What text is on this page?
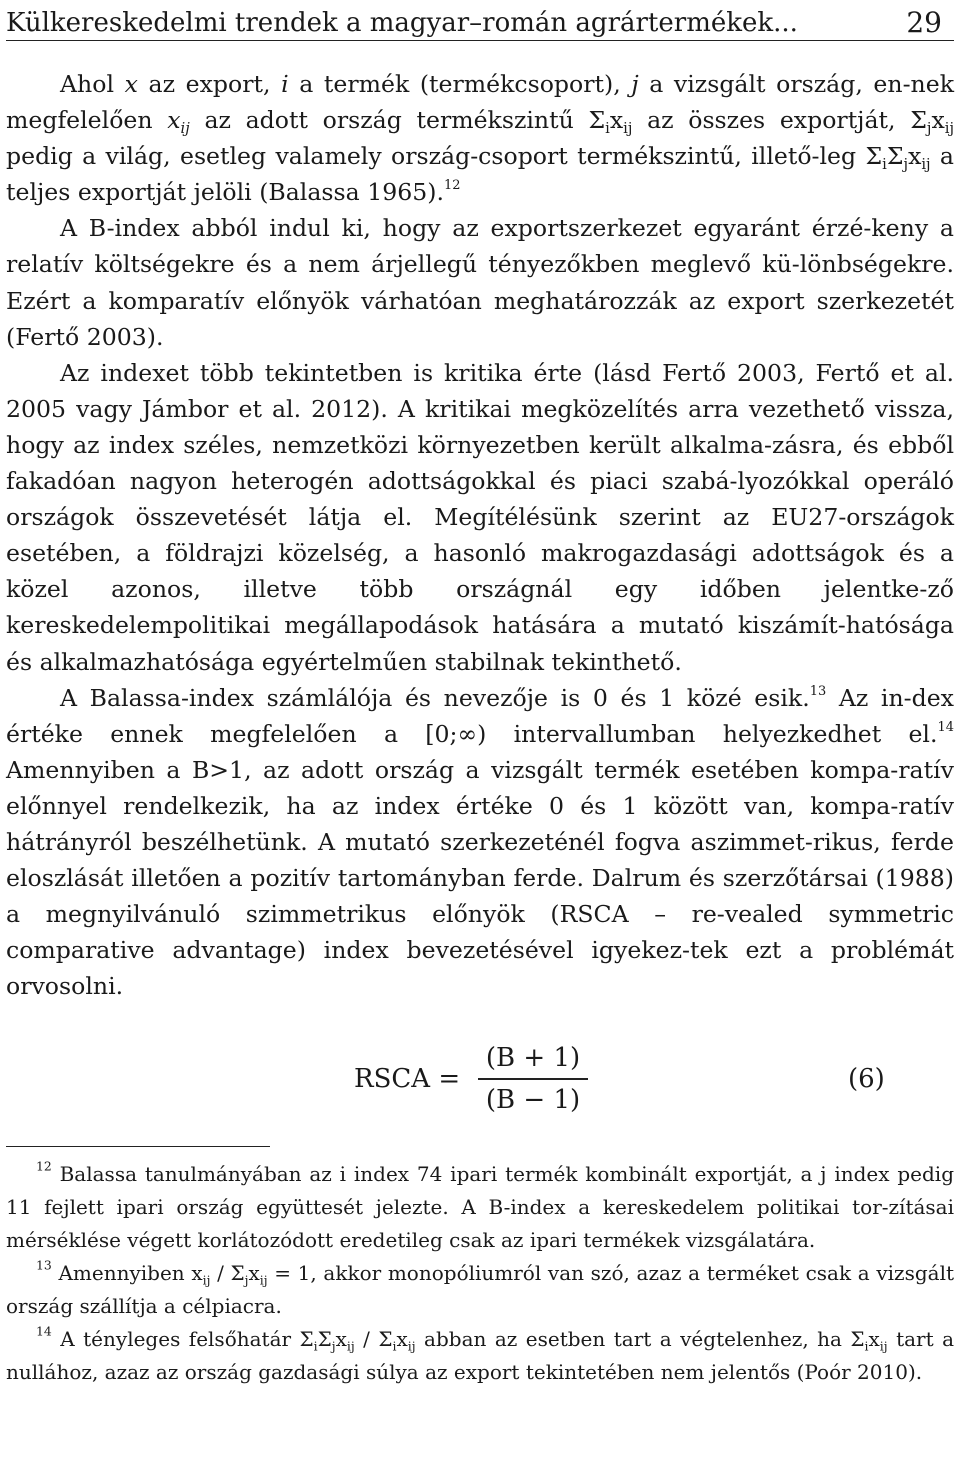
Külkereskedelmi trendek a magyar–román agrártermékek...	29

Ahol x az export, i a termék (termékcsoport), j a vizsgált ország, en-nek megfelelően $x_{ij}$ az adott ország termékszintű $\Sigma_ix_{ij}$ az összes exportját, $\Sigma_jx_{ij}$ pedig a világ, esetleg valamely ország-csoport termékszintű, illető-leg $\Sigma_i\Sigma_jx_{ij}$ a teljes exportját jelöli (Balassa 1965).$^{12}$

A B-index abból indul ki, hogy az exportszerkezet egyaránt érzé-keny a relatív költségekre és a nem árjellegű tényezőkben meglevő kü-lönbségekre. Ezért a komparatív előnyök várhatóan meghatározzák az export szerkezetét (Fertő 2003).

Az indexet több tekintetben is kritika érte (lásd Fertő 2003, Fertő et al. 2005 vagy Jámbor et al. 2012). A kritikai megközelítés arra vezethető vissza, hogy az index széles, nemzetközi környezetben került alkalma-zásra, és ebből fakadóan nagyon heterogén adottságokkal és piaci szabá-lyozókkal operáló országok összevetését látja el. Megítélésünk szerint az EU27-országok esetében, a földrajzi közelség, a hasonló makrogazdasági adottságok és a közel azonos, illetve több országnál egy időben jelentke-ző kereskedelempolitikai megállapodások hatására a mutató kiszámít-hatósága és alkalmazhatósága egyértelműen stabilnak tekinthető.

A Balassa-index számlálója és nevezője is 0 és 1 közé esik.$^{13}$ Az in-dex értéke ennek megfelelően a [0;∞) intervallumban helyezkedhet el.$^{14}$ Amennyiben a B>1, az adott ország a vizsgált termék esetében kompa-ratív előnnyel rendelkezik, ha az index értéke 0 és 1 között van, kompa-ratív hátrányról beszélhetünk. A mutató szerkezeténél fogva aszimmet-rikus, ferde eloszlását illetően a pozitív tartományban ferde. Dalrum és szerzőtársai (1988) a megnyilvánuló szimmetrikus előnyök (RSCA – re-vealed symmetric comparative advantage) index bevezetésével igyekez-tek ezt a problémát orvosolni.

RSCA =
(B + 1)
(B − 1)
(6)

$^{12}$ Balassa tanulmányában az i index 74 ipari termék kombinált exportját, a j index pedig 11 fejlett ipari ország együttesét jelezte. A B-index a kereskedelem politikai tor-zításai mérséklése végett korlátozódott eredetileg csak az ipari termékek vizsgálatára.

$^{13}$ Amennyiben $x_{ij} / \Sigma_jx_{ij} = 1$, akkor monopóliumról van szó, azaz a terméket csak a vizsgált ország szállítja a célpiacra.

$^{14}$ A tényleges felsőhatár $\Sigma_i\Sigma_jx_{ij} / \Sigma_ix_{ij}$ abban az esetben tart a végtelenhez, ha $\Sigma_ix_{ij}$ tart a nullához, azaz az ország gazdasági súlya az export tekintetében nem jelentős (Poór 2010).
